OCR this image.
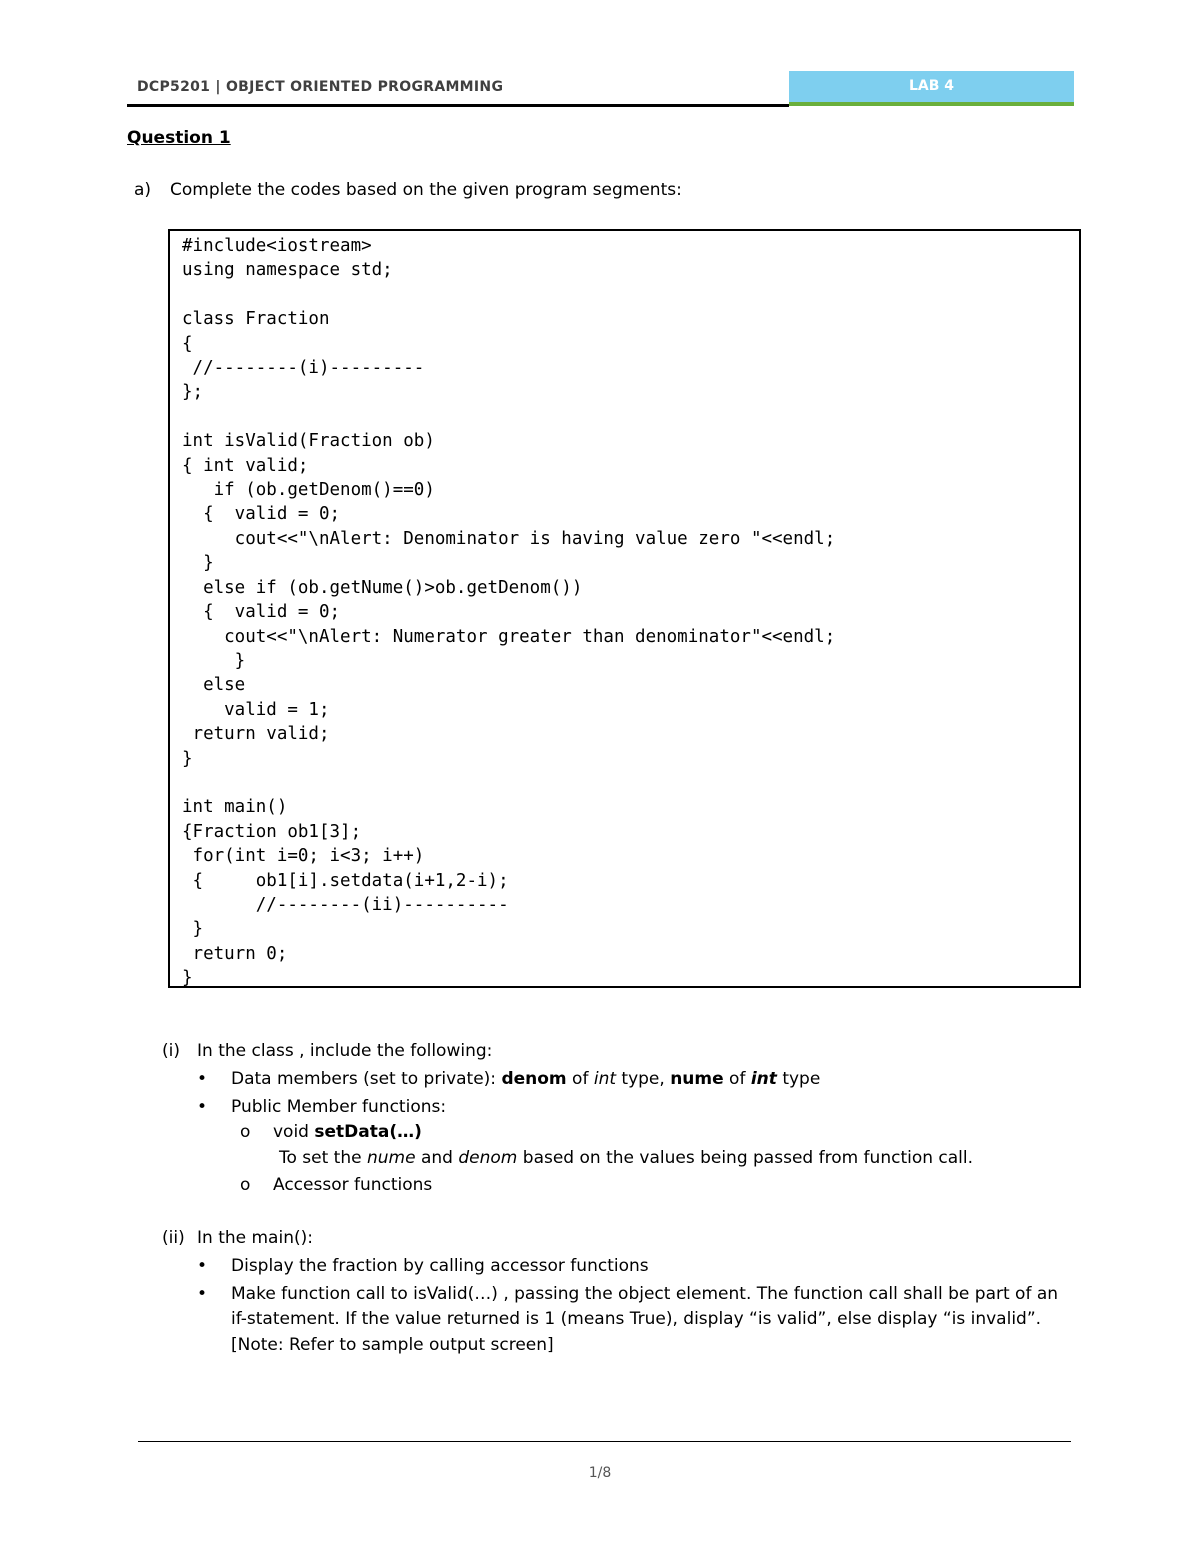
DCP5201 | OBJECT ORIENTED PROGRAMMING	LAB 4
Question 1
a) Complete the codes based on the given program segments:
#include<iostream>
using namespace std;

class Fraction
{
//--------(i)---------
};

int isValid(Fraction ob)
{ int valid;
if (ob.getDenom()==0)
{  valid = 0;
cout<<"\nAlert: Denominator is having value zero "<<endl;
}
else if (ob.getNume()>ob.getDenom())
{  valid = 0;
cout<<"\nAlert: Numerator greater than denominator"<<endl;
}
else
valid = 1;
return valid;
}

int main()
{Fraction ob1[3];
for(int i=0; i<3; i++)
{     ob1[i].setdata(i+1,2-i);
//--------(ii)----------
}
return 0;
}
(i) In the class , include the following:
• Data members (set to private): denom of int type, nume of int type
• Public Member functions:
o void setData(…)
To set the nume and denom based on the values being passed from function call.
o Accessor functions
(ii) In the main():
• Display the fraction by calling accessor functions
• Make function call to isValid(…) , passing the object element. The function call shall be part of an
if-statement. If the value returned is 1 (means True), display “is valid”, else display “is invalid”.
[Note: Refer to sample output screen]
1/8
